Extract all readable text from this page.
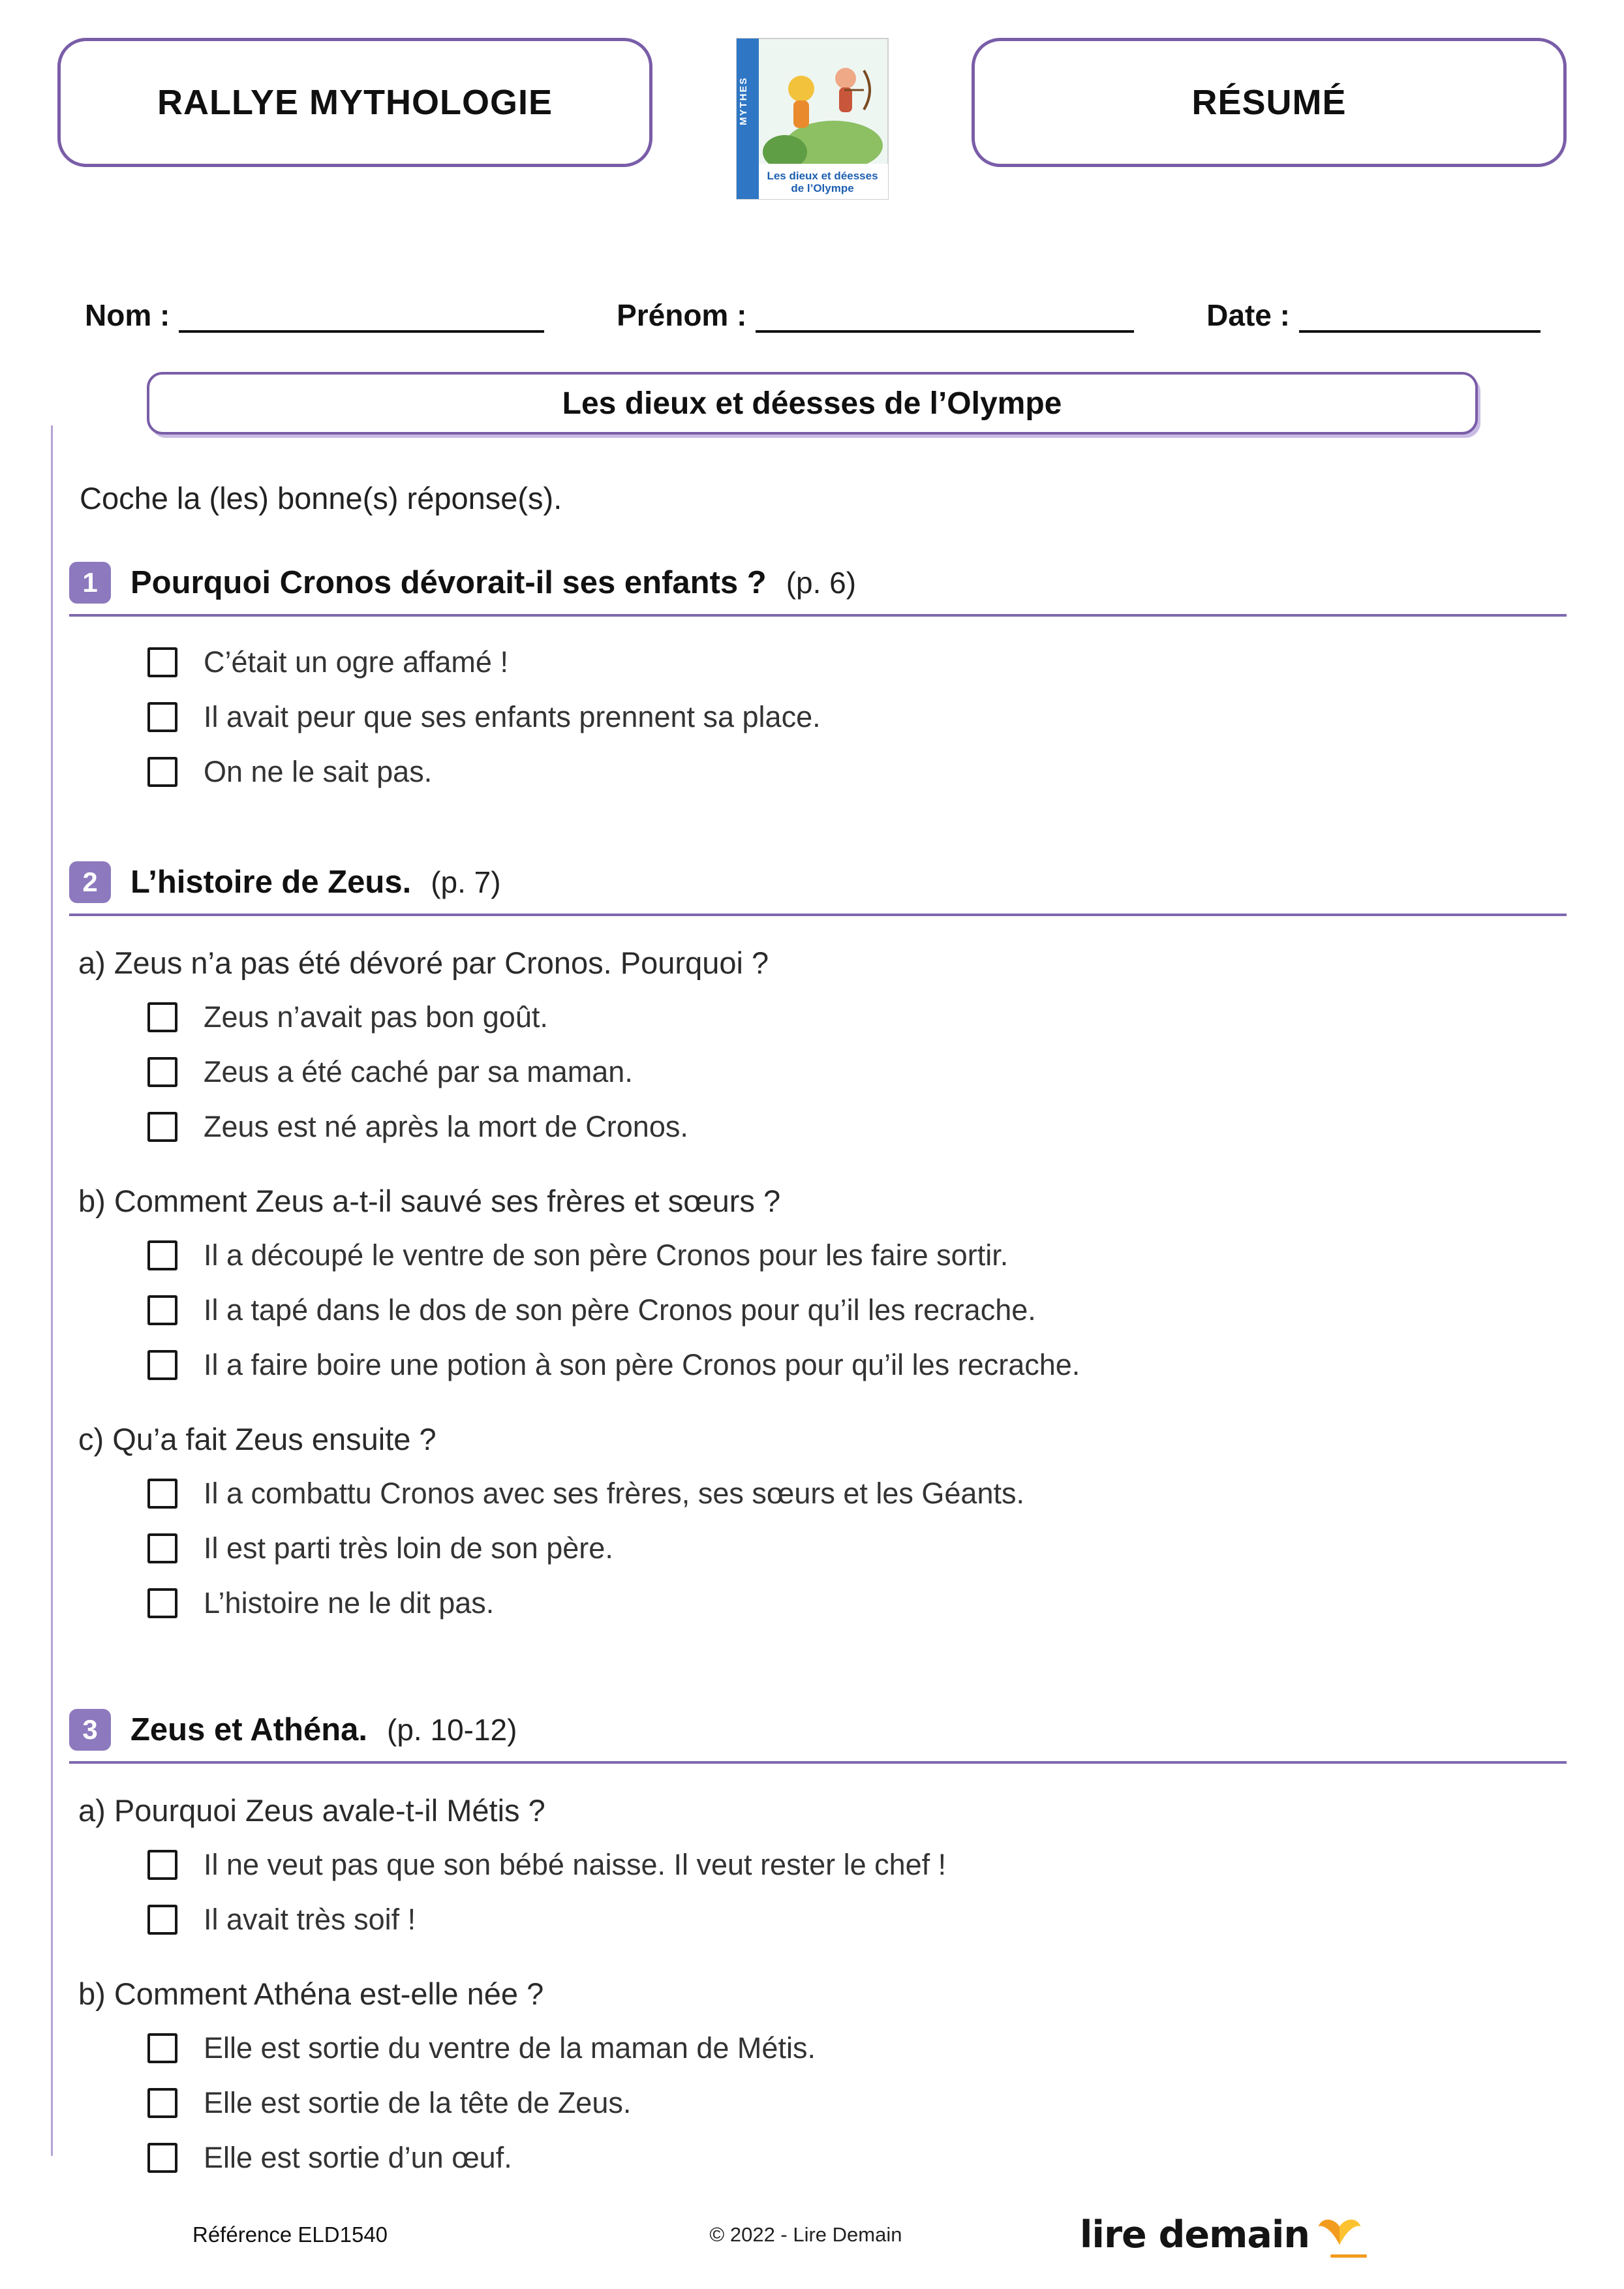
RALLYE MYTHOLOGIE	MYTHES
Les dieux et déesses
de l’Olympe
RÉSUMÉ
Nom :	Prénom :	Date :
Les dieux et déesses de l’Olympe

Coche la (les) bonne(s) réponse(s).

1	Pourquoi Cronos dévorait-il ses enfants ? (p. 6)
C’était un ogre affamé !
Il avait peur que ses enfants prennent sa place.
On ne le sait pas.
2	L’histoire de Zeus. (p. 7)

a) Zeus n’a pas été dévoré par Cronos. Pourquoi ?

Zeus n’avait pas bon goût.
Zeus a été caché par sa maman.
Zeus est né après la mort de Cronos.

b) Comment Zeus a-t-il sauvé ses frères et sœurs ?

Il a découpé le ventre de son père Cronos pour les faire sortir.
Il a tapé dans le dos de son père Cronos pour qu’il les recrache.
Il a faire boire une potion à son père Cronos pour qu’il les recrache.

c) Qu’a fait Zeus ensuite ?

Il a combattu Cronos avec ses frères, ses sœurs et les Géants.
Il est parti très loin de son père.
L’histoire ne le dit pas.
3	Zeus et Athéna. (p. 10-12)

a) Pourquoi Zeus avale-t-il Métis ?

Il ne veut pas que son bébé naisse. Il veut rester le chef !
Il avait très soif !

b) Comment Athéna est-elle née ?

Elle est sortie du ventre de la maman de Métis.
Elle est sortie de la tête de Zeus.
Elle est sortie d’un œuf.
Référence ELD1540	© 2022 - Lire Demain	lire demain
